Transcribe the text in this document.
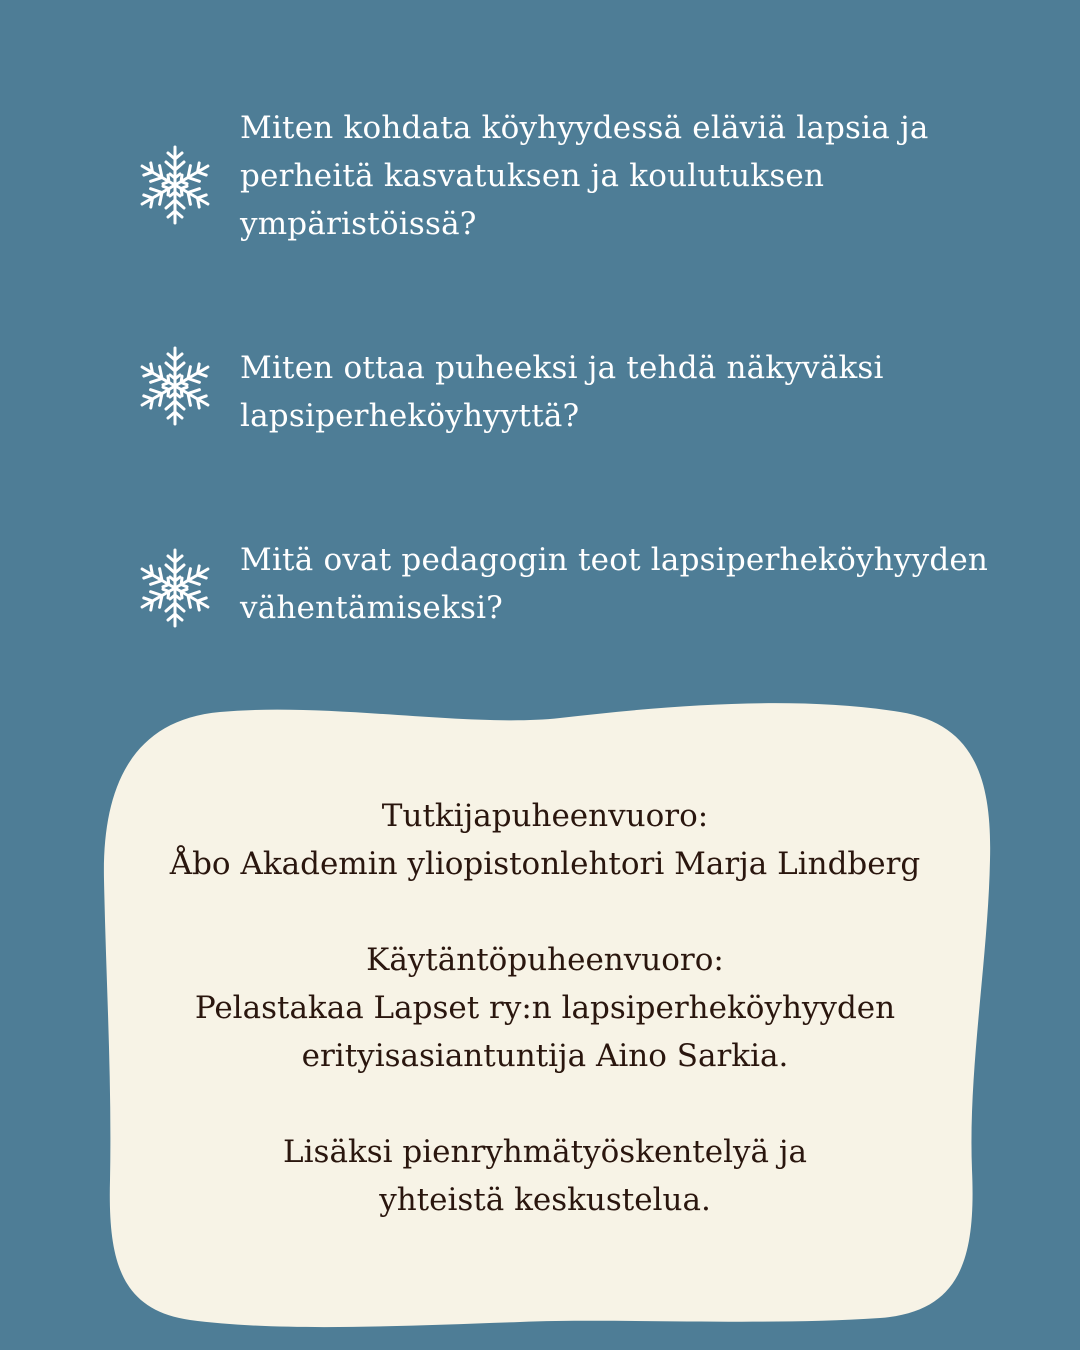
Miten kohdata köyhyydessä eläviä lapsia ja perheitä kasvatuksen ja koulutuksen ympäristöissä?

Miten ottaa puheeksi ja tehdä näkyväksi lapsiperheköyhyyttä?

Mitä ovat pedagogin teot lapsiperheköyhyyden vähentämiseksi?

Tutkijapuheenvuoro:

Åbo Akademin yliopistonlehtori Marja Lindberg

Käytäntöpuheenvuoro:

Pelastakaa Lapset ry:n lapsiperheköyhyyden erityisasiantuntija Aino Sarkia.

Lisäksi pienryhmätyöskentelyä ja yhteistä keskustelua.
